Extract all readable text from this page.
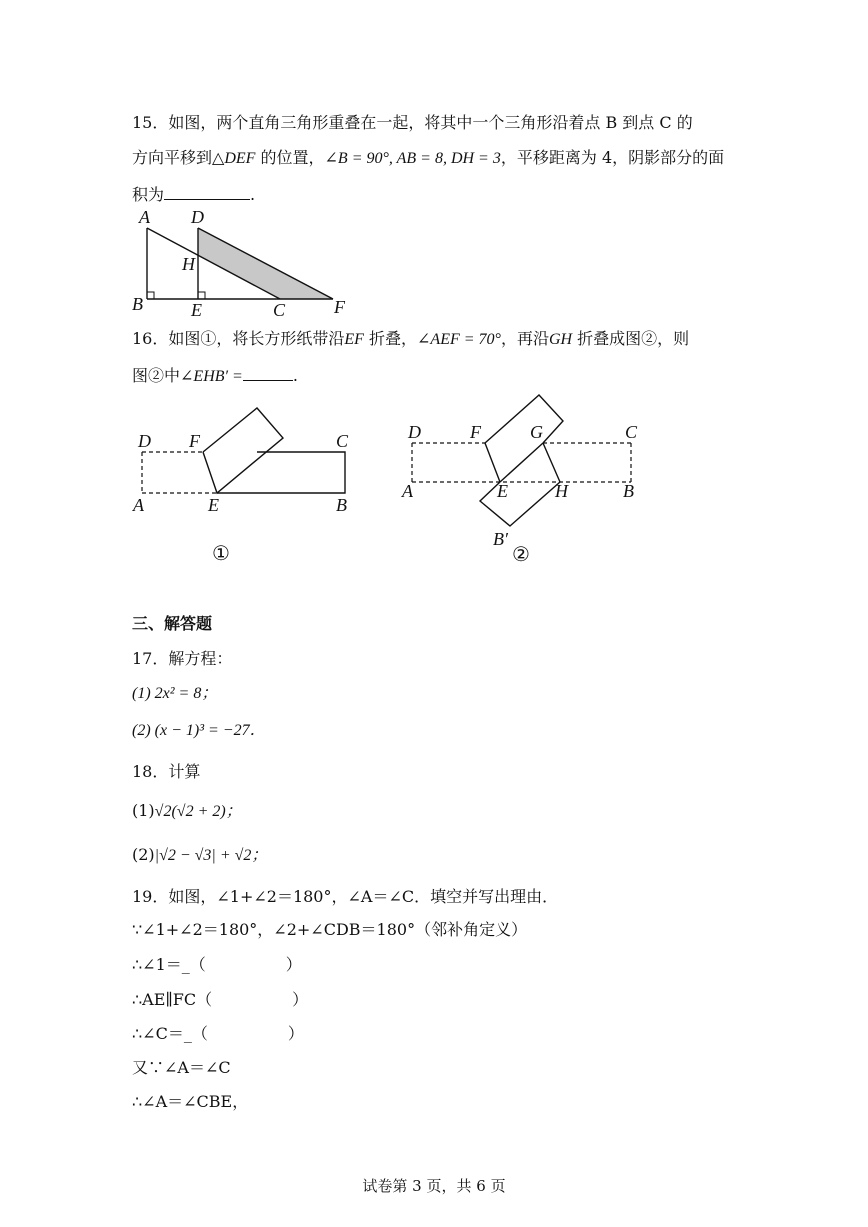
15．如图，两个直角三角形重叠在一起，将其中一个三角形沿着点 B 到点 C 的
方向平移到△DEF 的位置，∠B = 90°, AB = 8, DH = 3，平移距离为 4，阴影部分的面
积为	.
A D
H
B	E	C	F
16．如图①，将长方形纸带沿EF 折叠，∠AEF = 70°，再沿GH 折叠成图②，则
图②中∠EHB′ =	.
D F	C
A	E	B
①
D	F	G	C
A	E	H	B
B′
②
三、解答题
17．解方程：
(1) 2x² = 8；
(2) (x − 1)³ = −27．
18．计算
(1)√2(√2 + 2)；
(2)|√2 − √3| + √2；
19．如图，∠1+∠2＝180°，∠A＝∠C．填空并写出理由．
∵∠1+∠2＝180°，∠2+∠CDB＝180°（邻补角定义）
∴∠1＝_（　　　　　）
∴AE∥FC（　　　　　）
∴∠C＝_（　　　　　）
又∵∠A＝∠C
∴∠A＝∠CBE，
试卷第 3 页，共 6 页
